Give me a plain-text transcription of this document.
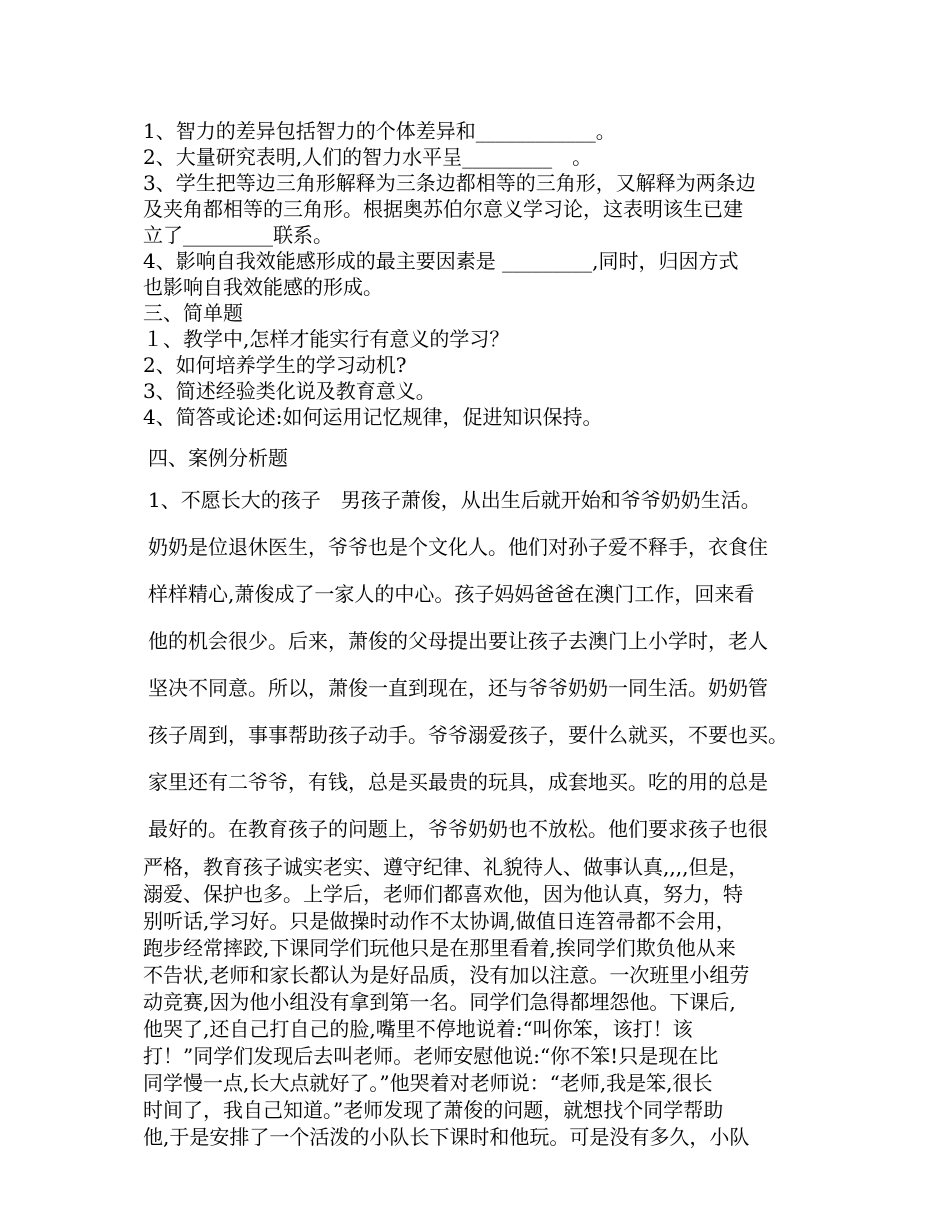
1、智力的差异包括智力的个体差异和____________。
2、大量研究表明,人们的智力水平呈_________　。
3、学生把等边三角形解释为三条边都相等的三角形，又解释为两条边
及夹角都相等的三角形。根据奥苏伯尔意义学习论，这表明该生已建
立了_________联系。
4、影响自我效能感形成的最主要因素是 _________,同时，归因方式
也影响自我效能感的形成。
三、简单题
１、教学中,怎样才能实行有意义的学习？
2、如何培养学生的学习动机?
3、简述经验类化说及教育意义。
4、简答或论述:如何运用记忆规律，促进知识保持。
四、案例分析题
1、不愿长大的孩子　男孩子萧俊，从出生后就开始和爷爷奶奶生活。
奶奶是位退休医生，爷爷也是个文化人。他们对孙子爱不释手，衣食住
样样精心,萧俊成了一家人的中心。孩子妈妈爸爸在澳门工作，回来看
他的机会很少。后来，萧俊的父母提出要让孩子去澳门上小学时，老人
坚决不同意。所以，萧俊一直到现在，还与爷爷奶奶一同生活。奶奶管
孩子周到，事事帮助孩子动手。爷爷溺爱孩子，要什么就买，不要也买。
家里还有二爷爷，有钱，总是买最贵的玩具，成套地买。吃的用的总是
最好的。在教育孩子的问题上，爷爷奶奶也不放松。他们要求孩子也很
严格，教育孩子诚实老实、遵守纪律、礼貌待人、做事认真,,,,但是，
溺爱、保护也多。上学后，老师们都喜欢他，因为他认真，努力，特
别听话,学习好。只是做操时动作不太协调,做值日连笤帚都不会用，
跑步经常摔跤,下课同学们玩他只是在那里看着,挨同学们欺负他从来
不告状,老师和家长都认为是好品质，没有加以注意。一次班里小组劳
动竞赛,因为他小组没有拿到第一名。同学们急得都埋怨他。下课后,
他哭了,还自己打自己的脸,嘴里不停地说着:“叫你笨，该打！该
打！”同学们发现后去叫老师。老师安慰他说:“你不笨!只是现在比
同学慢一点,长大点就好了。”他哭着对老师说：“老师,我是笨,很长
时间了，我自己知道。”老师发现了萧俊的问题，就想找个同学帮助
他,于是安排了一个活泼的小队长下课时和他玩。可是没有多久，小队
